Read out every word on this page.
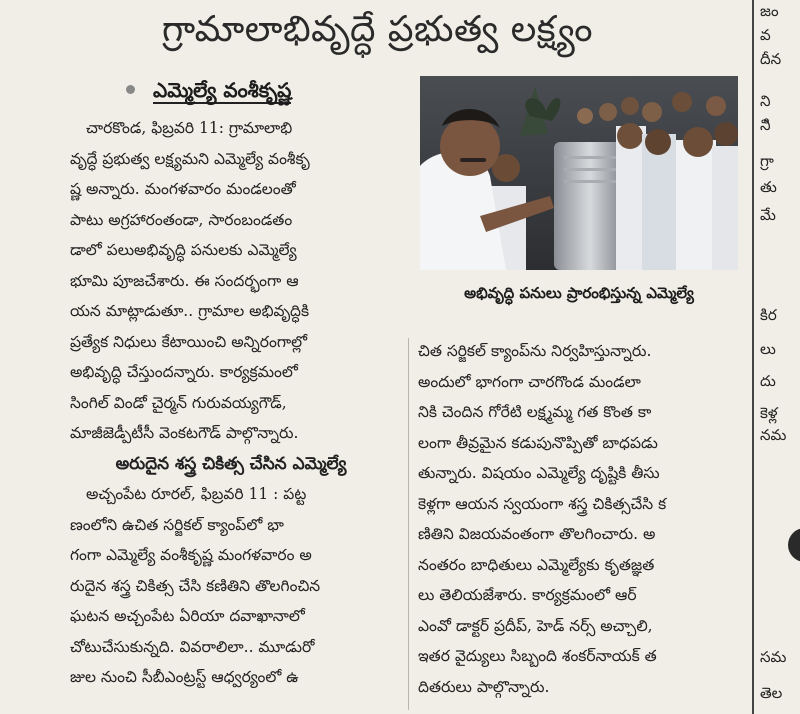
గ్రామాలాభివృద్ధే ప్రభుత్వ లక్ష్యం
ఎమ్మెల్యే వంశీకృష్ణ
చారకొండ, ఫిబ్రవరి 11: గ్రామాలాభి
వృద్ధే ప్రభుత్వ లక్ష్యమని ఎమ్మెల్యే వంశీకృ
ష్ణ అన్నారు. మంగళవారం మండలంతో
పాటు అగ్రహారంతండా, సారంబండతం
డాలో పలుఅభివృద్ధి పనులకు ఎమ్మెల్యే
భూమి పూజచేశారు. ఈ సందర్భంగా ఆ
యన మాట్లాడుతూ.. గ్రామాల అభివృద్ధికి
ప్రత్యేక నిధులు కేటాయించి అన్నిరంగాల్లో
అభివృద్ధి చేస్తుందన్నారు. కార్యక్రమంలో
సింగిల్ విండో చైర్మన్ గురువయ్యగౌడ్,
మాజీజెడ్పీటీసీ వెంకటగౌడ్ పాల్గొన్నారు.
అరుదైన శస్త్ర చికిత్స చేసిన ఎమ్మెల్యే
అచ్చంపేట రూరల్, ఫిబ్రవరి 11 : పట్ట
ణంలోని ఉచిత సర్జికల్ క్యాంప్‌లో భా
గంగా ఎమ్మెల్యే వంశీకృష్ణ మంగళవారం అ
రుదైన శస్త్ర చికిత్స చేసి కణితిని తొలగించిన
ఘటన అచ్చంపేట ఏరియా దవాఖానాలో
చోటుచేసుకున్నది. వివరాలిలా.. మూడురో
జుల నుంచి సీబీఎంట్రస్ట్ ఆధ్వర్యంలో ఉ
అభివృద్ధి పనులు ప్రారంభిస్తున్న ఎమ్మెల్యే
చిత సర్జికల్ క్యాంప్‌ను నిర్వహిస్తున్నారు.
అందులో భాగంగా చారగొండ మండలా
నికి చెందిన గోరేటి లక్ష్మమ్మ గత కొంత కా
లంగా తీవ్రమైన కడుపునొప్పితో బాధపడు
తున్నారు. విషయం ఎమ్మెల్యే దృష్టికి తీసు
కెళ్లగా ఆయన స్వయంగా శస్త్ర చికిత్సచేసి క
ణితిని విజయవంతంగా తొలగించారు. అ
నంతరం బాధితులు ఎమ్మెల్యేకు కృతజ్ఞత
లు తెలియజేశారు. కార్యక్రమంలో ఆర్
ఎంవో డాక్టర్ ప్రదీప్, హెడ్ నర్స్ అచ్చాలి,
ఇతర వైద్యులు సిబ్బంది శంకర్‌నాయక్ త
దితరులు పాల్గొన్నారు.
జం
వ
దీన
ని
నిి
గ్రా
తు
మే
కిర
లు
దు
కెళ్ల
నమ
సమ
తెల
